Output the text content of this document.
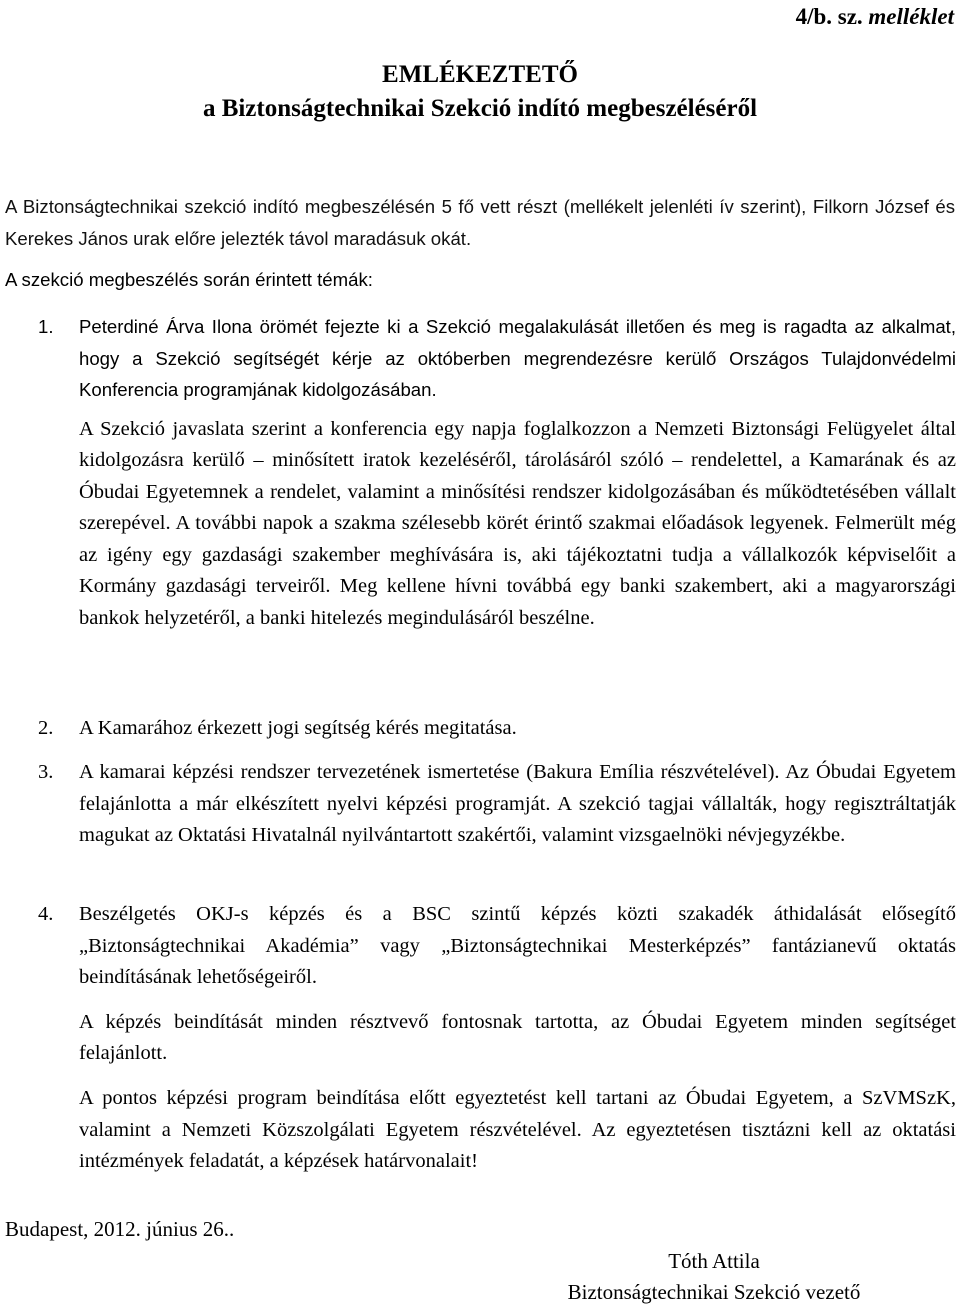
4/b. sz. melléklet
EMLÉKEZTETŐ
a Biztonságtechnikai Szekció indító megbeszéléséről

A Biztonságtechnikai szekció indító megbeszélésén 5 fő vett részt (mellékelt jelenléti ív szerint), Filkorn József és Kerekes János urak előre jelezték távol maradásuk okát.

A szekció megbeszélés során érintett témák:

1.	Peterdiné Árva Ilona örömét fejezte ki a Szekció megalakulását illetően és meg is ragadta az alkalmat, hogy a Szekció segítségét kérje az októberben megrendezésre kerülő Országos Tulajdonvédelmi Konferencia programjának kidolgozásában.

A Szekció javaslata szerint a konferencia egy napja foglalkozzon a Nemzeti Biztonsági Felügyelet által kidolgozásra kerülő – minősített iratok kezeléséről, tárolásáról szóló – rendelettel, a Kamarának és az Óbudai Egyetemnek a rendelet, valamint a minősítési rendszer kidolgozásában és működtetésében vállalt szerepével. A további napok a szakma szélesebb körét érintő szakmai előadások legyenek. Felmerült még az igény egy gazdasági szakember meghívására is, aki tájékoztatni tudja a vállalkozók képviselőit a Kormány gazdasági terveiről. Meg kellene hívni továbbá egy banki szakembert, aki a magyarországi bankok helyzetéről, a banki hitelezés megindulásáról beszélne.

2.	A Kamarához érkezett jogi segítség kérés megitatása.

3.	A kamarai képzési rendszer tervezetének ismertetése (Bakura Emília részvételével). Az Óbudai Egyetem felajánlotta a már elkészített nyelvi képzési programját. A szekció tagjai vállalták, hogy regisztráltatják magukat az Oktatási Hivatalnál nyilvántartott szakértői, valamint vizsgaelnöki névjegyzékbe.

4.	Beszélgetés OKJ-s képzés és a BSC szintű képzés közti szakadék áthidalását elősegítő „Biztonságtechnikai Akadémia” vagy „Biztonságtechnikai Mesterképzés” fantázianevű oktatás beindításának lehetőségeiről.

A képzés beindítását minden résztvevő fontosnak tartotta, az Óbudai Egyetem minden segítséget felajánlott.

A pontos képzési program beindítása előtt egyeztetést kell tartani az Óbudai Egyetem, a SzVMSzK, valamint a Nemzeti Közszolgálati Egyetem részvételével. Az egyeztetésen tisztázni kell az oktatási intézmények feladatát, a képzések határvonalait!

Budapest, 2012. június 26..
Tóth Attila
Biztonságtechnikai Szekció vezető
